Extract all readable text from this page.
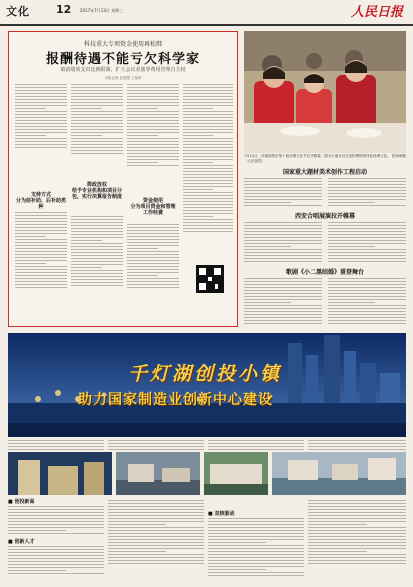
文化 12 2017年7月13日 星期三	人民日报
科技重大专项资金使用再松绑
报酬待遇不能亏欠科学家
取消绩效支出比例限制，扩大会议差旅等费用管理自主权
本报记者 赵展慧 王斌来
支持方式
分为前补助、后补助类种
简政放权
给予专业机构和项目分包，实行决算报告制度
资金使用
分为项目资金和管理工作经费
7月12日，河南洛阳市第十届丝绸文化节拉开帷幕。图为小朋友们在洛阳博物馆体验丝绸文化。 张海涛摄（人民视觉）
国家重大题材美术创作工程启动
西安合唱展演拉开帷幕
歌剧《小二黑结婚》重登舞台
千灯湖创投小镇
助力国家制造业创新中心建设
■ 创投新高
■ 创新人才
■ 双核驱动
